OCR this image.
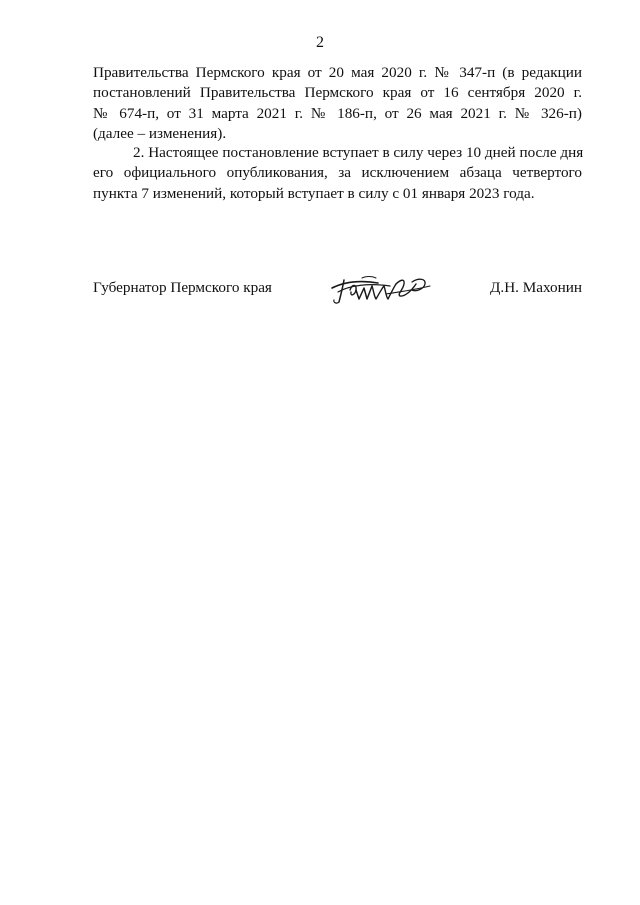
2
Правительства Пермского края от 20 мая 2020 г. № 347-п (в редакции
постановлений Правительства Пермского края от 16 сентября 2020 г.
№ 674-п, от 31 марта 2021 г. № 186-п, от 26 мая 2021 г. № 326-п)
(далее – изменения).
2. Настоящее постановление вступает в силу через 10 дней после дня
его официального опубликования, за исключением абзаца четвертого
пункта 7 изменений, который вступает в силу с 01 января 2023 года.
Губернатор Пермского края	Д.Н. Махонин
